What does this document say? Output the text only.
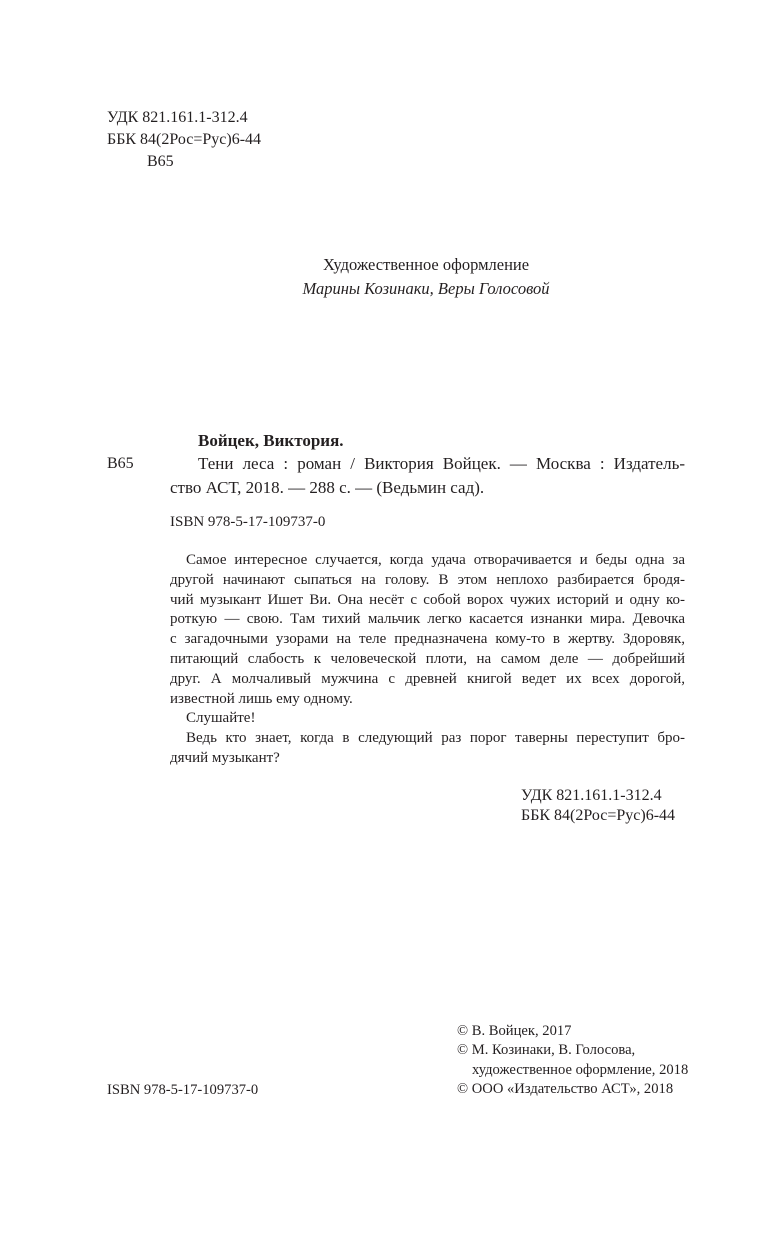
УДК 821.161.1-312.4
ББК 84(2Рос=Рус)6-44
В65
Художественное оформление
Марины Козинаки, Веры Голосовой
Войцек, Виктория.
В65	Тени леса : роман / Виктория Войцек. — Москва : Издатель-
ство АСТ, 2018. — 288 с. — (Ведьмин сад).
ISBN 978-5-17-109737-0
Самое интересное случается, когда удача отворачивается и беды одна за
другой начинают сыпаться на голову. В этом неплохо разбирается бродя-
чий музыкант Ишет Ви. Она несёт с собой ворох чужих историй и одну ко-
роткую — свою. Там тихий мальчик легко касается изнанки мира. Девочка
с загадочными узорами на теле предназначена кому-то в жертву. Здоровяк,
питающий слабость к человеческой плоти, на самом деле — добрейший
друг. А молчаливый мужчина с древней книгой ведет их всех дорогой,
известной лишь ему одному.
Слушайте!
Ведь кто знает, когда в следующий раз порог таверны переступит бро-
дячий музыкант?
УДК 821.161.1-312.4
ББК 84(2Рос=Рус)6-44
ISBN 978-5-17-109737-0
© В. Войцек, 2017
© М. Козинаки, В. Голосова,
художественное оформление, 2018
© ООО «Издательство АСТ», 2018
